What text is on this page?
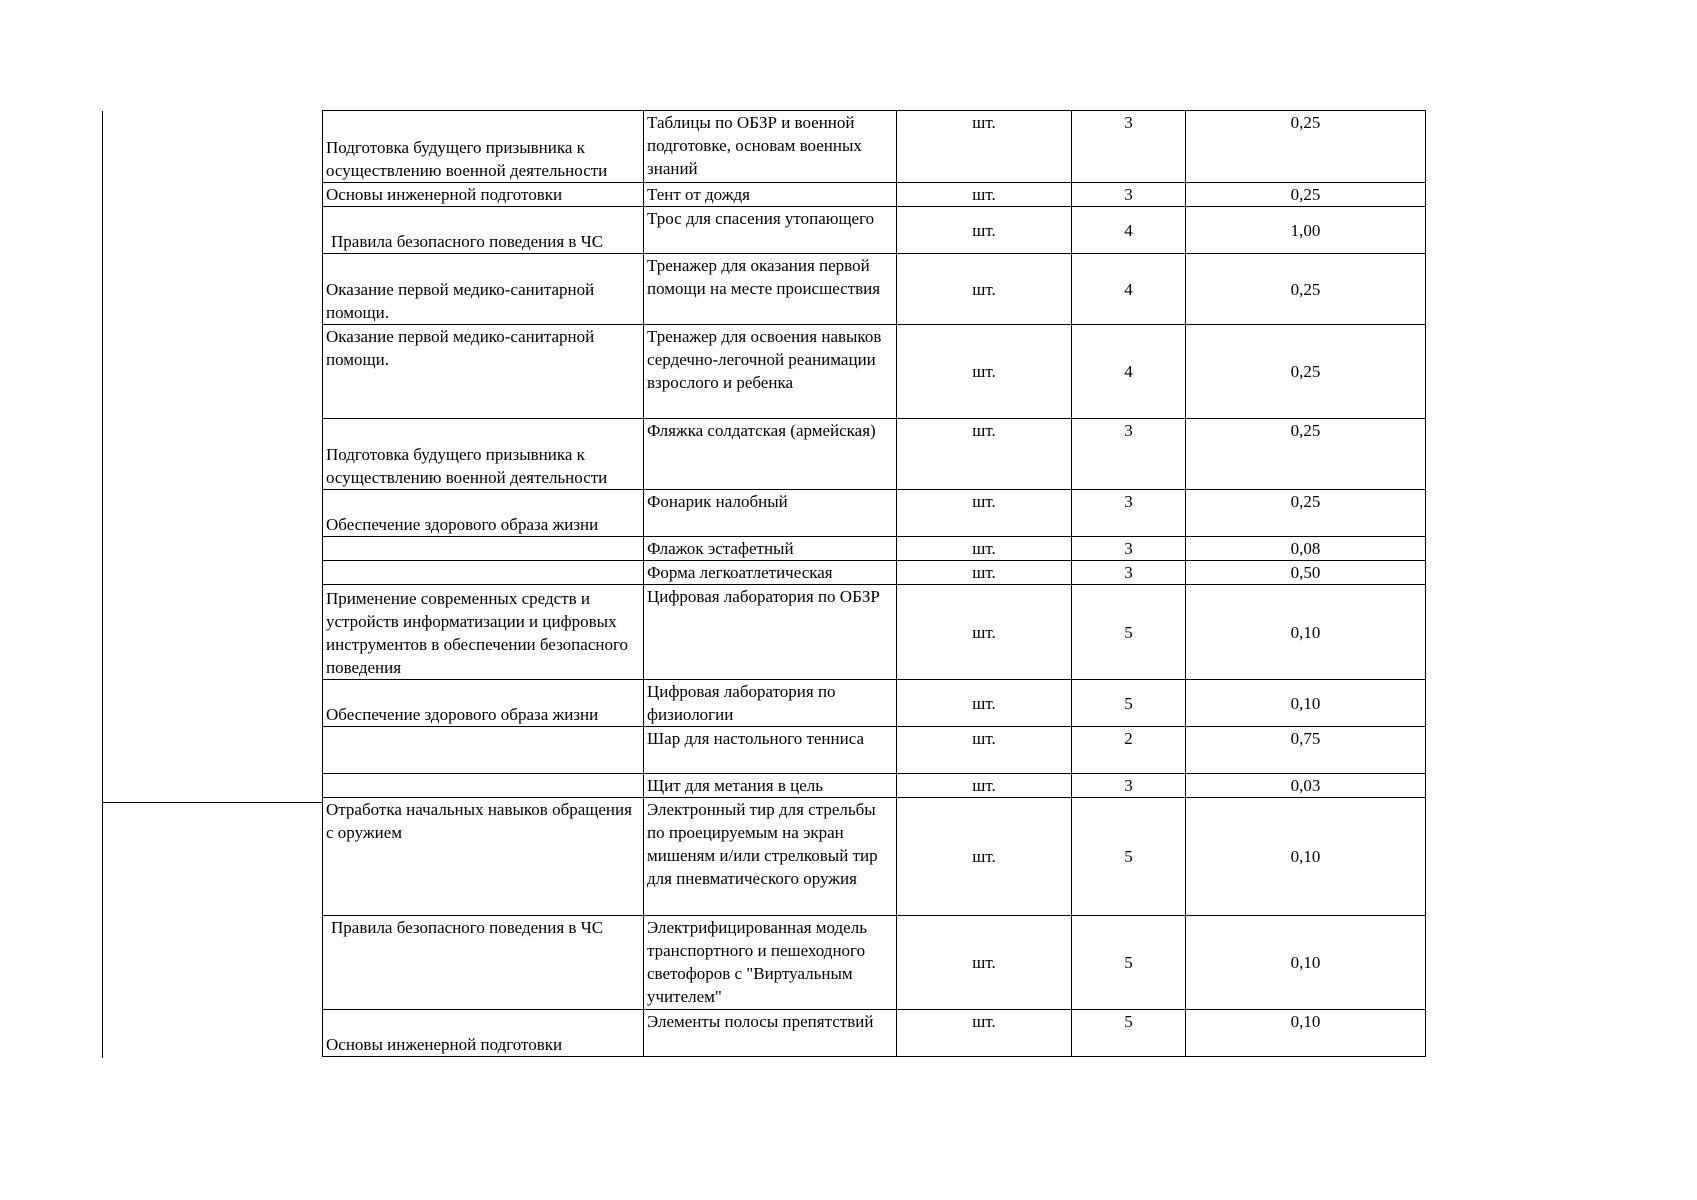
Подготовка будущего призывника к осуществлению военной деятельности	Таблицы по ОБЗР и военной подготовке, основам военных знаний	шт.	3	0,25
Основы инженерной подготовки	Тент от дождя	шт.	3	0,25
Правила безопасного поведения в ЧС	Трос для спасения утопающего	шт.	4	1,00
Оказание первой медико-санитарной помощи.	Тренажер для оказания первой помощи на месте происшествия	шт.	4	0,25
Оказание первой медико-санитарной помощи.	Тренажер для освоения навыков сердечно-легочной реанимации взрослого и ребенка	шт.	4	0,25
Подготовка будущего призывника к осуществлению военной деятельности	Фляжка солдатская (армейская)	шт.	3	0,25
Обеспечение здорового образа жизни	Фонарик налобный	шт.	3	0,25
	Флажок эстафетный	шт.	3	0,08
	Форма легкоатлетическая	шт.	3	0,50
Применение современных средств и устройств информатизации и цифровых инструментов в обеспечении безопасного поведения	Цифровая лаборатория по ОБЗР	шт.	5	0,10
Обеспечение здорового образа жизни	Цифровая лаборатория по физиологии	шт.	5	0,10
	Шар для настольного тенниса	шт.	2	0,75
	Щит для метания в цель	шт.	3	0,03
Отработка начальных навыков обращения с оружием	Электронный тир для стрельбы по проецируемым на экран мишеням и/или стрелковый тир для пневматического оружия	шт.	5	0,10
Правила безопасного поведения в ЧС	Электрифицированная модель транспортного и пешеходного светофоров с "Виртуальным учителем"	шт.	5	0,10
Основы инженерной подготовки	Элементы полосы препятствий	шт.	5	0,10
